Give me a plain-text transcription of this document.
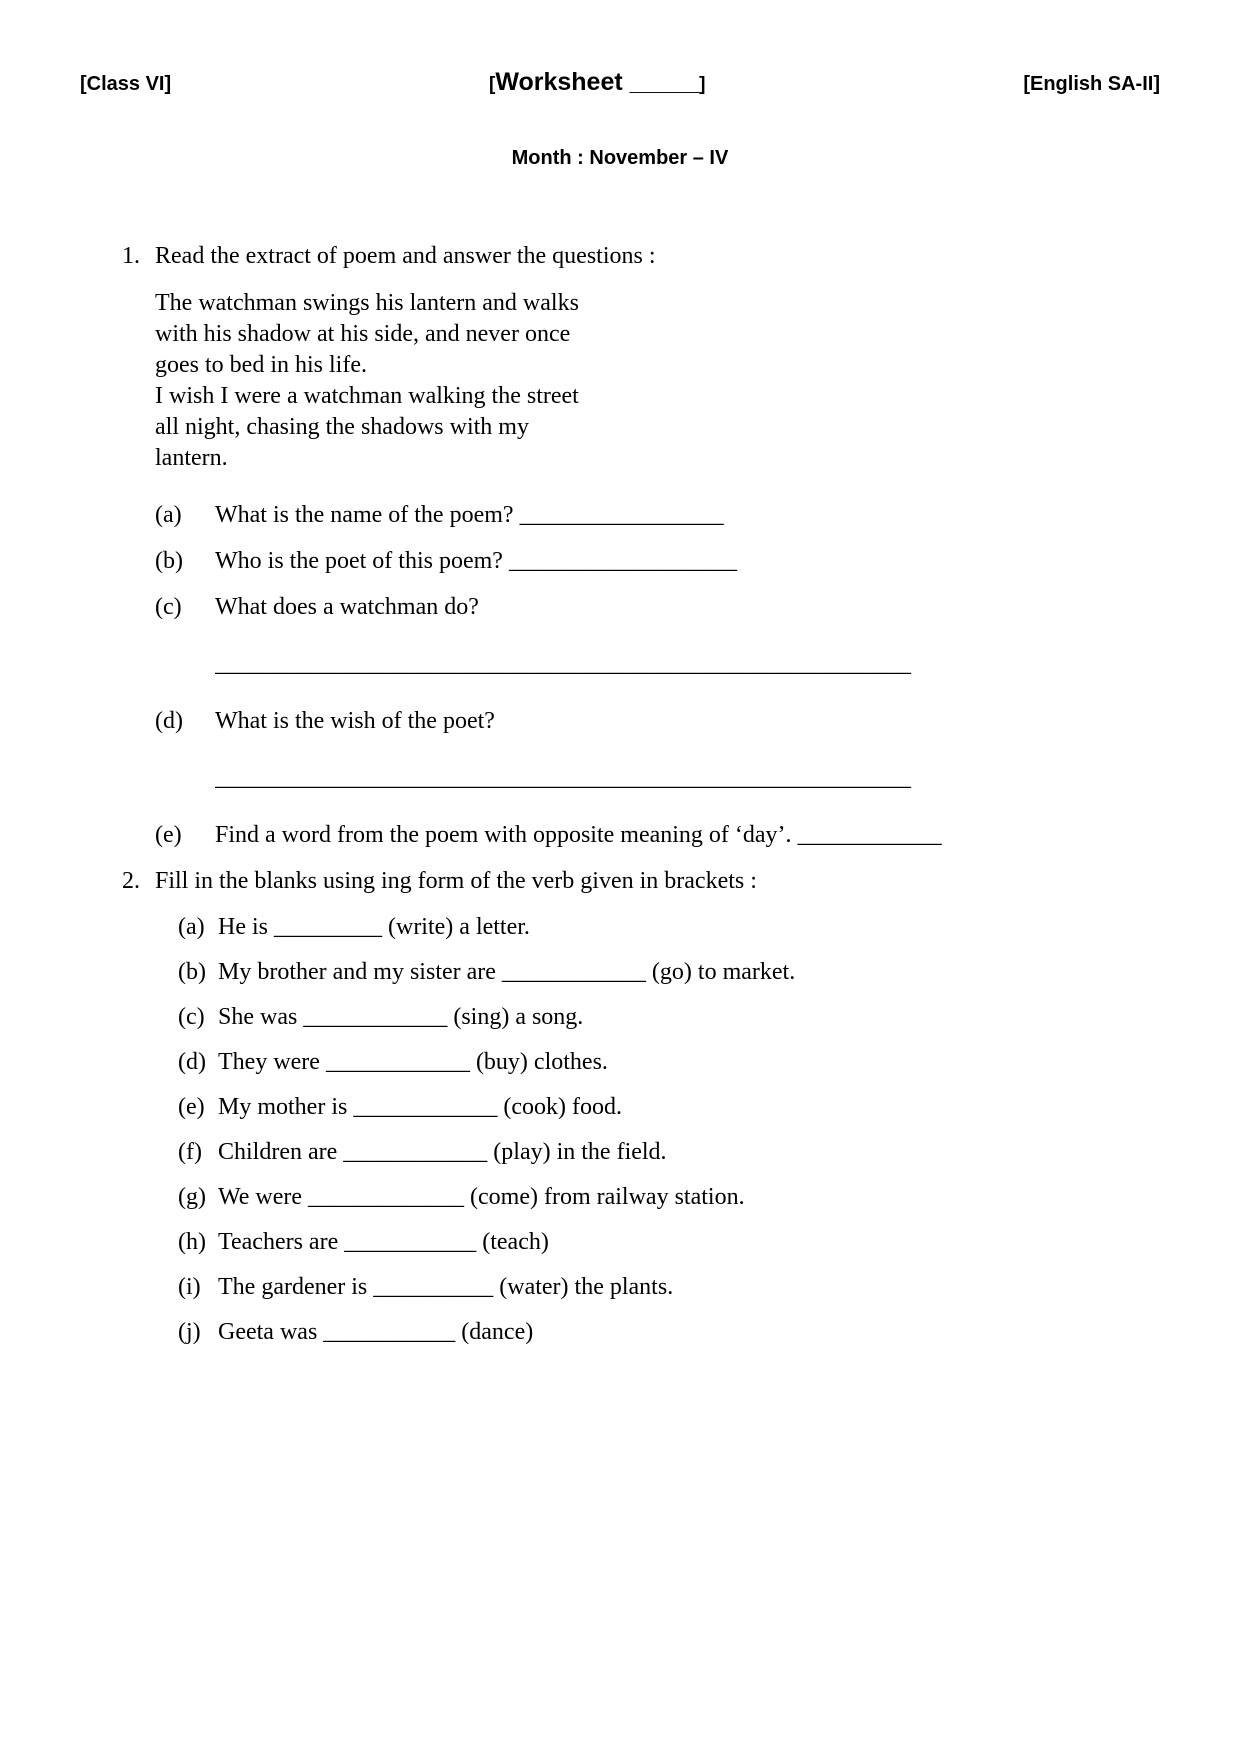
[Class VI]	[Worksheet _____]	[English SA-II]
Month : November – IV
1. Read the extract of poem and answer the questions :
The watchman swings his lantern and walks
with his shadow at his side, and never once
goes to bed in his life.
I wish I were a watchman walking the street
all night, chasing the shadows with my
lantern.
(a)	What is the name of the poem? _________________
(b)	Who is the poet of this poem? ___________________
(c)	What does a watchman do?
__________________________________________________________
(d)	What is the wish of the poet?
__________________________________________________________
(e)	Find a word from the poem with opposite meaning of ‘day’. ____________
2. Fill in the blanks using ing form of the verb given in brackets :
(a) He is _________ (write) a letter.
(b) My brother and my sister are ____________ (go) to market.
(c) She was ____________ (sing) a song.
(d) They were ____________ (buy) clothes.
(e) My mother is ____________ (cook) food.
(f) Children are ____________ (play) in the field.
(g) We were _____________ (come) from railway station.
(h) Teachers are ___________ (teach)
(i) The gardener is __________ (water) the plants.
(j) Geeta was ___________ (dance)
